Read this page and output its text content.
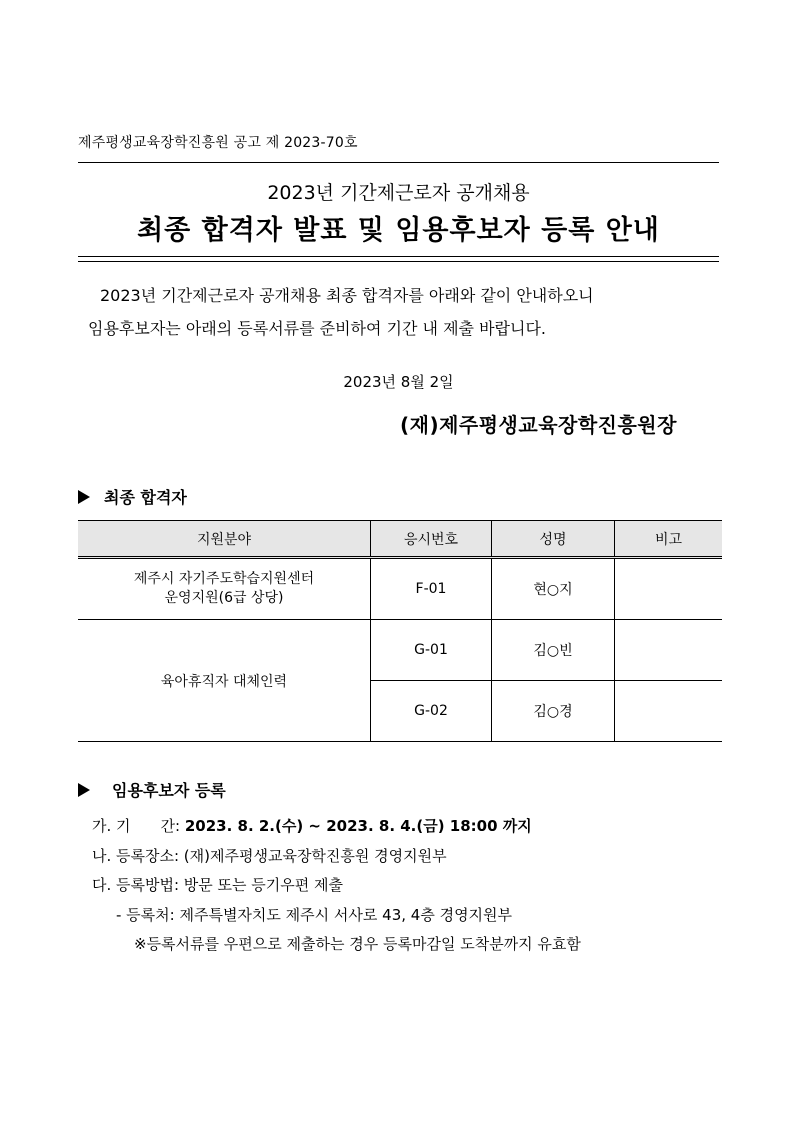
제주평생교육장학진흥원 공고 제 2023-70호
2023년 기간제근로자 공개채용
최종 합격자 발표 및 임용후보자 등록 안내

2023년 기간제근로자 공개채용 최종 합격자를 아래와 같이 안내하오니

임용후보자는 아래의 등록서류를 준비하여 기간 내 제출 바랍니다.

2023년 8월 2일
(재)제주평생교육장학진흥원장
최종 합격자
지원분야	응시번호	성명	비고

제주시 자기주도학습지원센터
운영지원(6급 상당)	F-01	현○지	
육아휴직자 대체인력	G-01	김○빈	
	G-02	김○경	
임용후보자 등록

가. 기　　간: 2023. 8. 2.(수) ~ 2023. 8. 4.(금) 18:00 까지

나. 등록장소: (재)제주평생교육장학진흥원 경영지원부

다. 등록방법: 방문 또는 등기우편 제출

- 등록처: 제주특별자치도 제주시 서사로 43, 4층 경영지원부

※등록서류를 우편으로 제출하는 경우 등록마감일 도착분까지 유효함
